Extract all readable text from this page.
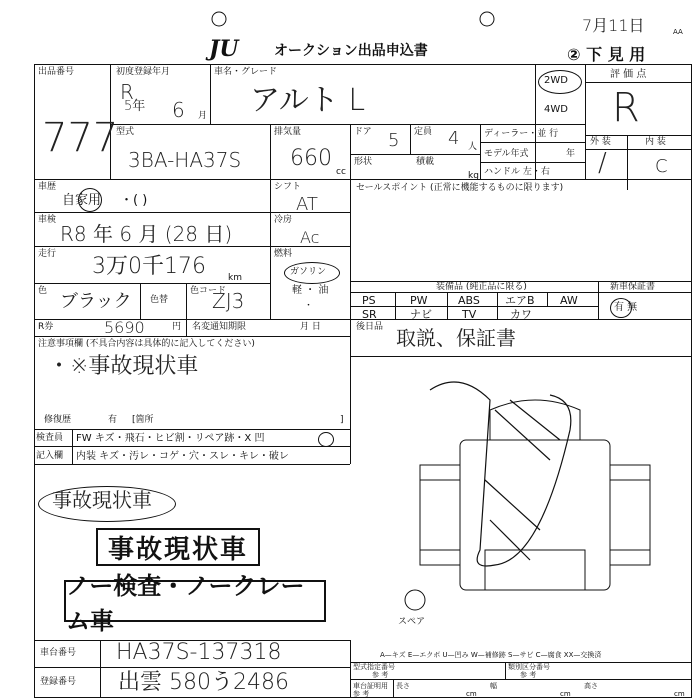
JU	オークション出品申込書
7月11日	AA
② 下 見 用
出品番号
777
初度登録年月
R
5年 6 月
車名・グレード
アルト L
2WD
4WD
評 価 点
R
外 装	内 装
/	C
型式
3BA-HA37S
排気量
660
cc
ドア 5 定員 4 人
形状	積載
kg
ディーラー・並 行
モデル年式	年
ハンドル 左・右
車歴
自家用 ・( )
車検
R8 年 6 月 (28 日)
走行 3万0千176 km
色 ブラック 色替
色コード
ZJ3
シフト
AT
冷房
Ac
燃料
ガソリン
軽 ・ 油
・
セールスポイント (正常に機能するものに限ります)
装備品 (純正品に限る)	新車保証書
有 無
PS	PW	ABS エアB AW
SR	ナビ	TV	カワ
R券	5690	円 名変通知期限	月 日	後日品 取説、保証書
注意事項欄 (不具合内容は具体的に記入してください)
・※事故現状車
修復歴	有 [箇所	]
検査員
記入欄
FW キズ・飛石・ヒビ割・リペア跡・X 凹
内装 キズ・汚レ・コゲ・穴・スレ・キレ・破レ
事故現状車
事故現状車
ノー検査・ノークレーム車
車台番号 HA37S-137318
登録番号 出雲 580う2486
スペア
A—キズ E—エクボ U—凹み W—補修跡 S—サビ C—腐食 XX—交換済
型式指定番号
参 考
類別区分番号
参 考
車台証明用
参 考
長さ
cm
幅
cm
高さ
cm
